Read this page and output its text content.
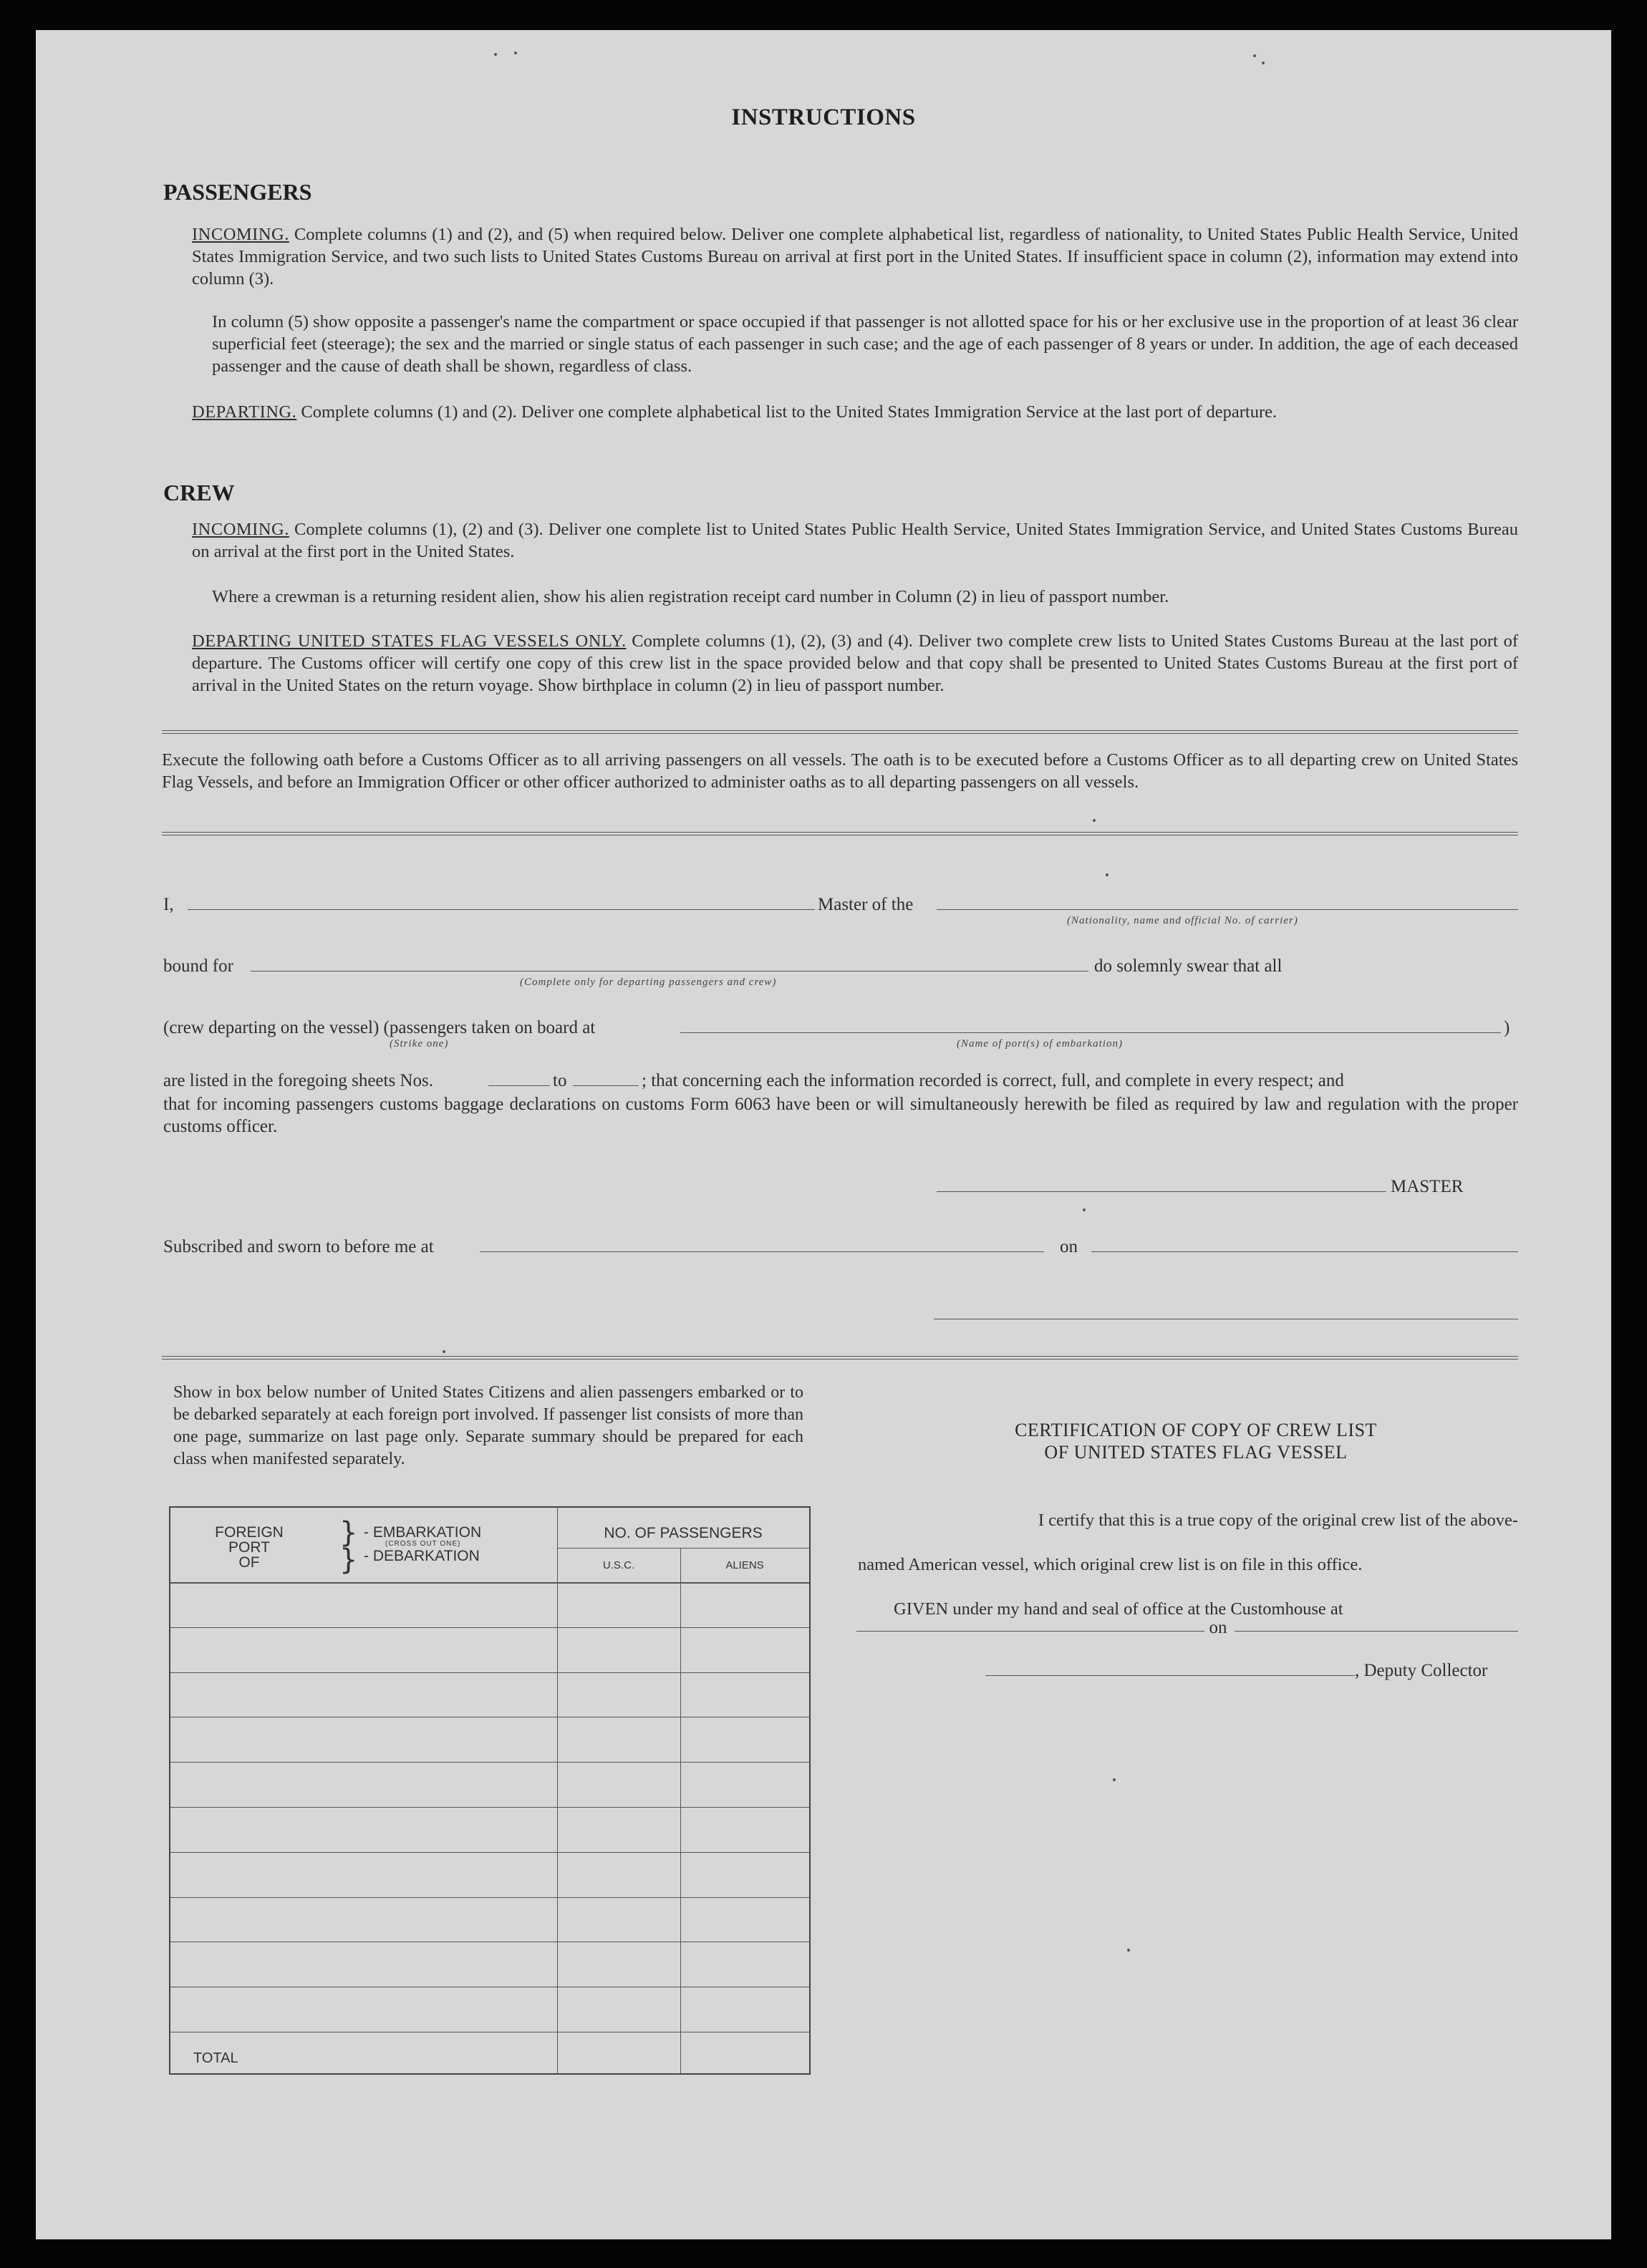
INSTRUCTIONS
PASSENGERS
INCOMING. Complete columns (1) and (2), and (5) when required below. Deliver one complete alphabetical list, regardless of nationality, to United States Public Health Service, United States Immigration Service, and two such lists to United States Customs Bureau on arrival at first port in the United States. If insufficient space in column (2), information may extend into column (3).
In column (5) show opposite a passenger's name the compartment or space occupied if that passenger is not allotted space for his or her exclusive use in the proportion of at least 36 clear superficial feet (steerage); the sex and the married or single status of each passenger in such case; and the age of each passenger of 8 years or under. In addition, the age of each deceased passenger and the cause of death shall be shown, regardless of class.
DEPARTING. Complete columns (1) and (2). Deliver one complete alphabetical list to the United States Immigration Service at the last port of departure.
CREW
INCOMING. Complete columns (1), (2) and (3). Deliver one complete list to United States Public Health Service, United States Immigration Service, and United States Customs Bureau on arrival at the first port in the United States.
Where a crewman is a returning resident alien, show his alien registration receipt card number in Column (2) in lieu of passport number.
DEPARTING UNITED STATES FLAG VESSELS ONLY. Complete columns (1), (2), (3) and (4). Deliver two complete crew lists to United States Customs Bureau at the last port of departure. The Customs officer will certify one copy of this crew list in the space provided below and that copy shall be presented to United States Customs Bureau at the first port of arrival in the United States on the return voyage. Show birthplace in column (2) in lieu of passport number.
Execute the following oath before a Customs Officer as to all arriving passengers on all vessels. The oath is to be executed before a Customs Officer as to all departing crew on United States Flag Vessels, and before an Immigration Officer or other officer authorized to administer oaths as to all departing passengers on all vessels.
I,	Master of the
(Nationality, name and official No. of carrier)
bound for	do solemnly swear that all
(Complete only for departing passengers and crew)
(crew departing on the vessel) (passengers taken on board at	)
(Strike one)	(Name of port(s) of embarkation)
are listed in the foregoing sheets Nos.	to	; that concerning each the information recorded is correct, full, and complete in every respect; and
that for incoming passengers customs baggage declarations on customs Form 6063 have been or will simultaneously herewith be filed as required by law and regulation with the proper customs officer.
MASTER
Subscribed and sworn to before me at	on
Show in box below number of United States Citizens and alien passengers embarked or to be debarked separately at each foreign port involved. If passenger list consists of more than one page, summarize on last page only. Separate summary should be prepared for each class when manifested separately.
FOREIGN
PORT
OF
}
}
- EMBARKATION
(CROSS OUT ONE)
- DEBARKATION
NO. OF PASSENGERS
U.S.C.	ALIENS
TOTAL
CERTIFICATION OF COPY OF CREW LIST
OF UNITED STATES FLAG VESSEL
I certify that this is a true copy of the original crew list of the above-
named American vessel, which original crew list is on file in this office.
GIVEN under my hand and seal of office at the Customhouse at
on
, Deputy Collector
